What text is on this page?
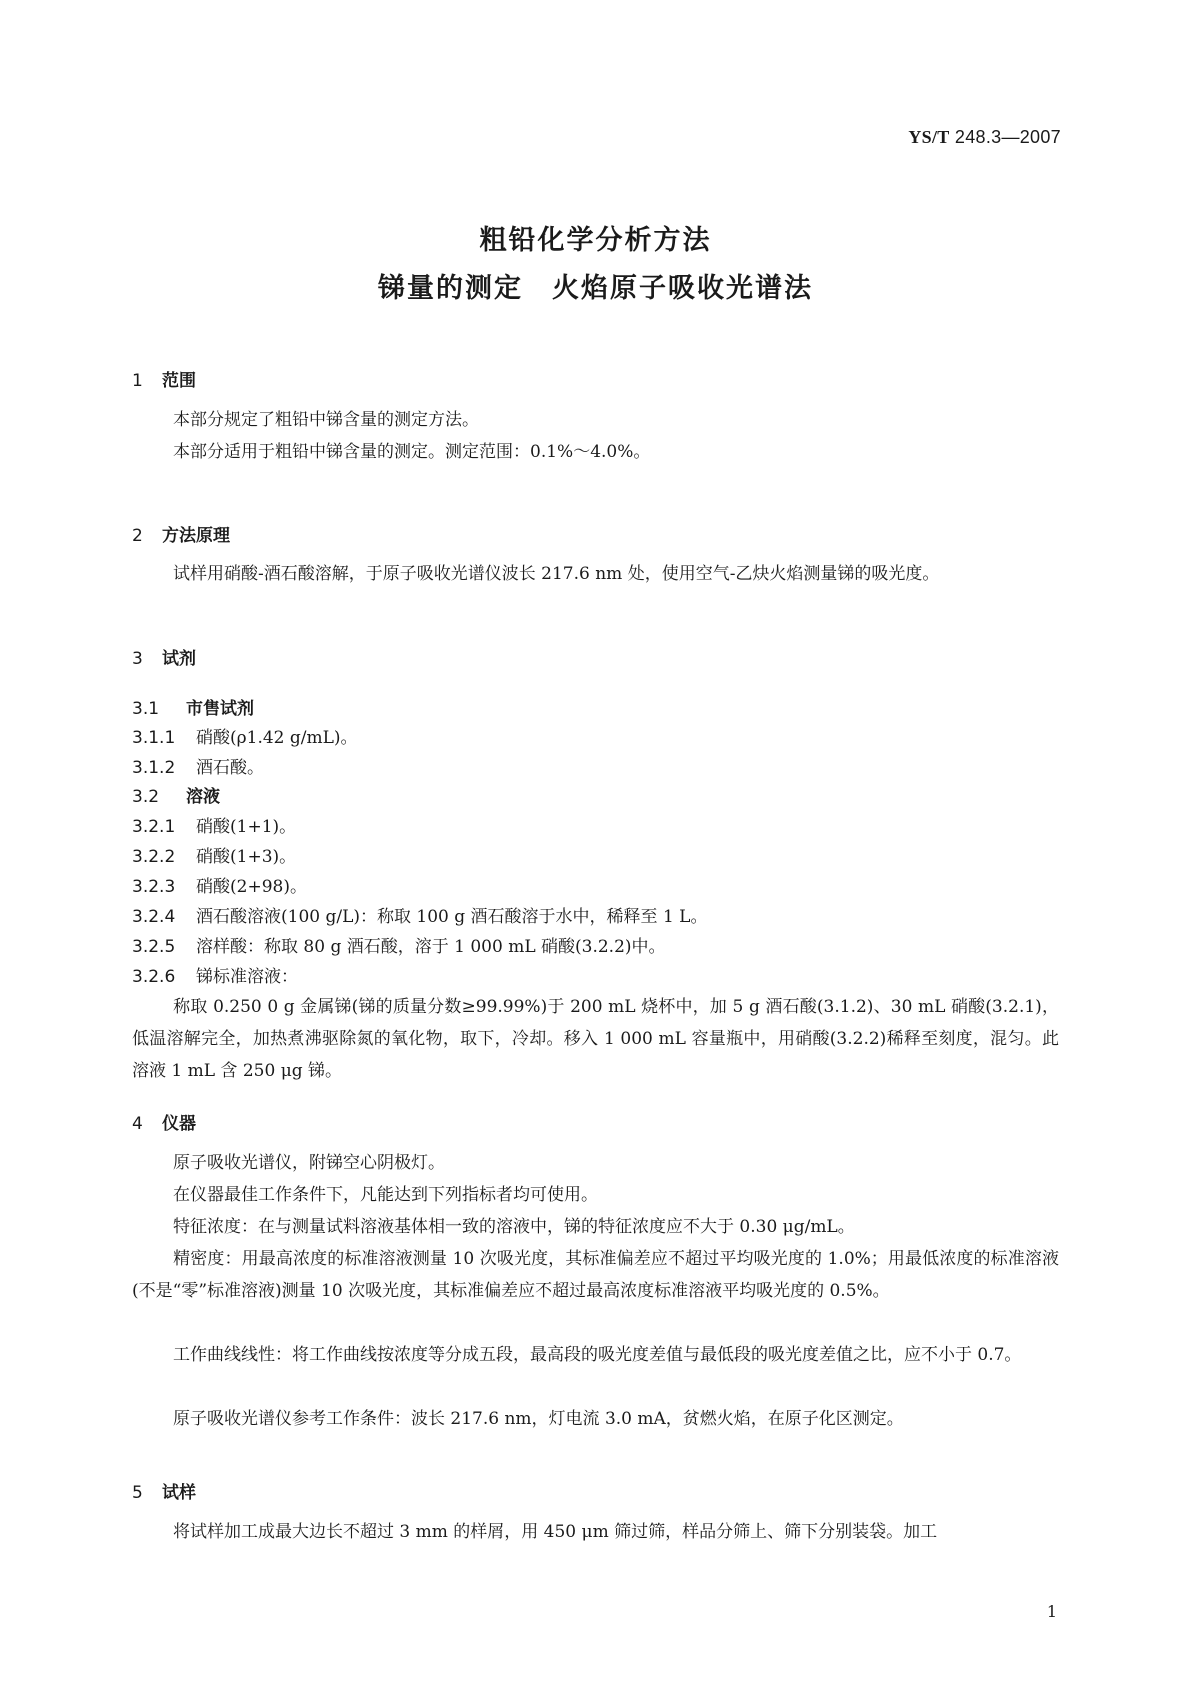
YS/T 248.3—2007
粗铅化学分析方法
锑量的测定　火焰原子吸收光谱法
1 范围
本部分规定了粗铅中锑含量的测定方法。
本部分适用于粗铅中锑含量的测定。测定范围：0.1%～4.0%。
2 方法原理
试样用硝酸-酒石酸溶解，于原子吸收光谱仪波长 217.6 nm 处，使用空气-乙炔火焰测量锑的吸光度。
3 试剂
3.1 市售试剂
3.1.1 硝酸(ρ1.42 g/mL)。
3.1.2 酒石酸。
3.2 溶液
3.2.1 硝酸(1+1)。
3.2.2 硝酸(1+3)。
3.2.3 硝酸(2+98)。
3.2.4 酒石酸溶液(100 g/L)：称取 100 g 酒石酸溶于水中，稀释至 1 L。
3.2.5 溶样酸：称取 80 g 酒石酸，溶于 1 000 mL 硝酸(3.2.2)中。
3.2.6 锑标准溶液：
称取 0.250 0 g 金属锑(锑的质量分数≥99.99%)于 200 mL 烧杯中，加 5 g 酒石酸(3.1.2)、30 mL 硝酸(3.2.1)，低温溶解完全，加热煮沸驱除氮的氧化物，取下，冷却。移入 1 000 mL 容量瓶中，用硝酸(3.2.2)稀释至刻度，混匀。此溶液 1 mL 含 250 μg 锑。
4 仪器
原子吸收光谱仪，附锑空心阴极灯。
在仪器最佳工作条件下，凡能达到下列指标者均可使用。
特征浓度：在与测量试料溶液基体相一致的溶液中，锑的特征浓度应不大于 0.30 μg/mL。
精密度：用最高浓度的标准溶液测量 10 次吸光度，其标准偏差应不超过平均吸光度的 1.0%；用最低浓度的标准溶液(不是“零”标准溶液)测量 10 次吸光度，其标准偏差应不超过最高浓度标准溶液平均吸光度的 0.5%。
工作曲线线性：将工作曲线按浓度等分成五段，最高段的吸光度差值与最低段的吸光度差值之比，应不小于 0.7。
原子吸收光谱仪参考工作条件：波长 217.6 nm，灯电流 3.0 mA，贫燃火焰，在原子化区测定。
5 试样
将试样加工成最大边长不超过 3 mm 的样屑，用 450 μm 筛过筛，样品分筛上、筛下分别装袋。加工
1
